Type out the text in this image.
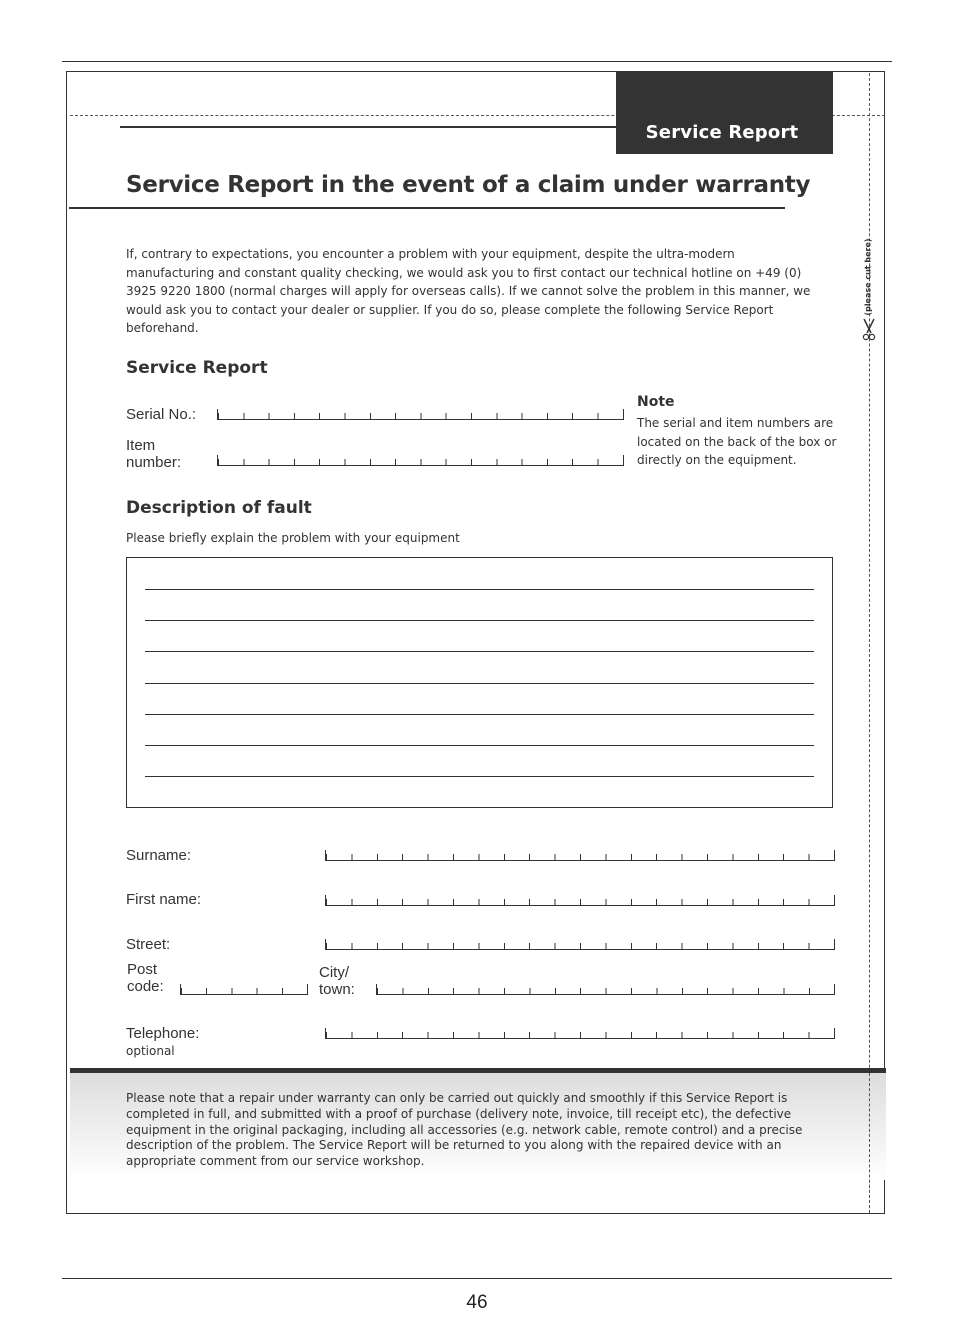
(please cut here)
Service Report
Service Report in the event of a claim under warranty
If, contrary to expectations, you encounter a problem with your equipment, despite the ultra-modern manufacturing and constant quality checking, we would ask you to first contact our technical hotline on +49 (0) 3925 9220 1800 (normal charges will apply for overseas calls). If we cannot solve the problem in this manner, we would ask you to contact your dealer or supplier. If you do so, please complete the following Service Report beforehand.
Service Report
Serial No.:
Item number:
Note
The serial and item numbers are located on the back of the box or directly on the equipment.
Description of fault
Please briefly explain the problem with your equipment
Surname:
First name:
Street:
Post code:
City/ town:
Telephone:
optional
Please note that a repair under warranty can only be carried out quickly and smoothly if this Service Report is completed in full, and submitted with a proof of purchase (delivery note, invoice, till receipt etc), the defective equipment in the original packaging, including all accessories (e.g. network cable, remote control) and a precise description of the problem. The Service Report will be returned to you along with the repaired device with an appropriate comment from our service workshop.
46
